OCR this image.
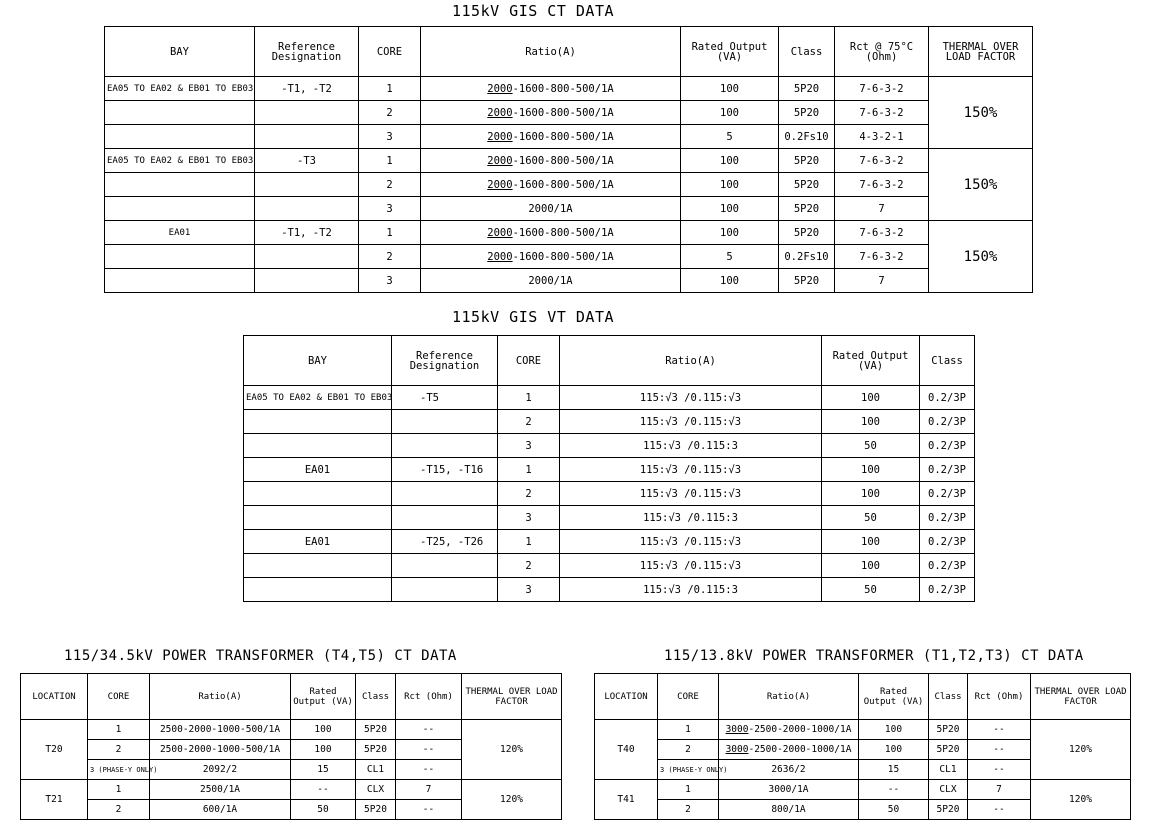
115kV GIS CT DATA
BAY	Reference Designation	CORE	Ratio(A)	Rated Output (VA)	Class	Rct @ 75°C (Ohm)	THERMAL OVER LOAD FACTOR
EA05 TO EA02 & EB01 TO EB03	-T1, -T2	1	2000-1600-800-500/1A	100	5P20	7-6-3-2	150%
		2	2000-1600-800-500/1A	100	5P20	7-6-3-2	
		3	2000-1600-800-500/1A	5	0.2Fs10	4-3-2-1	
EA05 TO EA02 & EB01 TO EB03	-T3	1	2000-1600-800-500/1A	100	5P20	7-6-3-2	150%
		2	2000-1600-800-500/1A	100	5P20	7-6-3-2	
		3	2000/1A	100	5P20	7	
EA01	-T1, -T2	1	2000-1600-800-500/1A	100	5P20	7-6-3-2	150%
		2	2000-1600-800-500/1A	5	0.2Fs10	7-6-3-2	
		3	2000/1A	100	5P20	7	
115kV GIS VT DATA
BAY	Reference Designation	CORE	Ratio(A)	Rated Output (VA)	Class
EA05 TO EA02 & EB01 TO EB03	-T5	1	115:√3 /0.115:√3	100	0.2/3P
		2	115:√3 /0.115:√3	100	0.2/3P
		3	115:√3 /0.115:3	50	0.2/3P
EA01	-T15, -T16	1	115:√3 /0.115:√3	100	0.2/3P
		2	115:√3 /0.115:√3	100	0.2/3P
		3	115:√3 /0.115:3	50	0.2/3P
EA01	-T25, -T26	1	115:√3 /0.115:√3	100	0.2/3P
		2	115:√3 /0.115:√3	100	0.2/3P
		3	115:√3 /0.115:3	50	0.2/3P
115/34.5kV POWER TRANSFORMER (T4,T5) CT DATA
LOCATION	CORE	Ratio(A)	Rated Output (VA)	Class	Rct (Ohm)	THERMAL OVER LOAD FACTOR
T20	1	2500-2000-1000-500/1A	100	5P20	--	120%
	2	2500-2000-1000-500/1A	100	5P20	--	
	3 (PHASE-Y ONLY)	2092/2	15	CL1	--	
T21	1	2500/1A	--	CLX	7	120%
	2	600/1A	50	5P20	--	
115/13.8kV POWER TRANSFORMER (T1,T2,T3) CT DATA
LOCATION	CORE	Ratio(A)	Rated Output (VA)	Class	Rct (Ohm)	THERMAL OVER LOAD FACTOR
T40	1	3000-2500-2000-1000/1A	100	5P20	--	120%
	2	3000-2500-2000-1000/1A	100	5P20	--	
	3 (PHASE-Y ONLY)	2636/2	15	CL1	--	
T41	1	3000/1A	--	CLX	7	120%
	2	800/1A	50	5P20	--	
